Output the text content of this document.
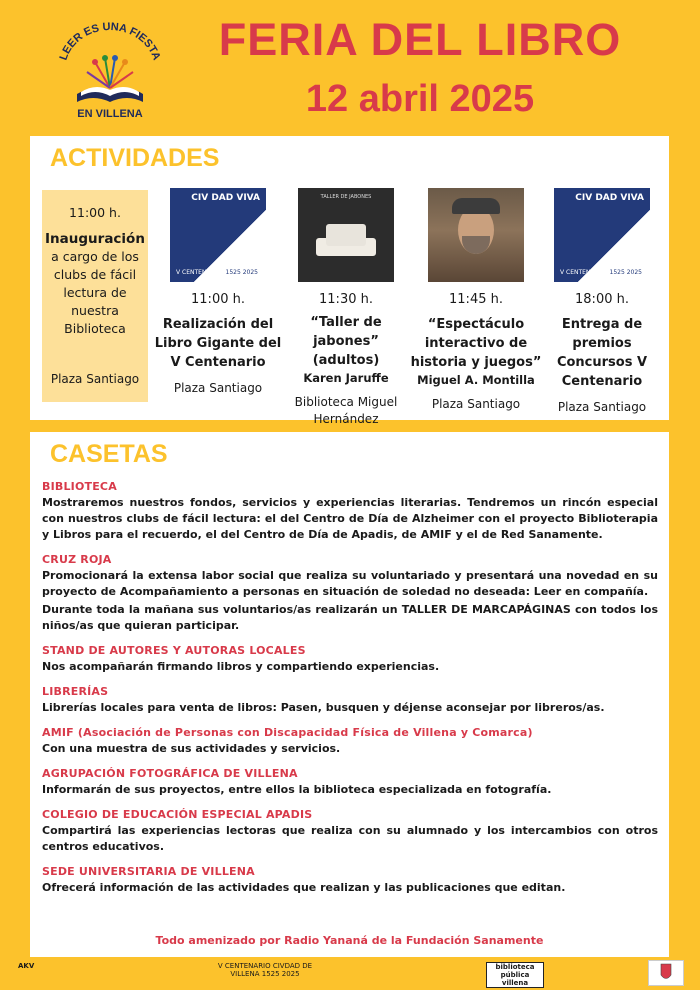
LEER ES UNA FIESTA
EN VILLENA
FERIA DEL LIBRO
12 abril 2025
ACTIVIDADES
11:00 h.
Inauguración
a cargo de los clubs de fácil lectura de nuestra Biblioteca
Plaza Santiago
CIV DAD VIVA
V CENTENARIO 1525 2025
11:00 h.
Realización del Libro Gigante del V Centenario
Plaza Santiago
TALLER DE JABONES
11:30 h.
“Taller de jabones” (adultos)
Karen Jaruffe
Biblioteca Miguel Hernández
11:45 h.
“Espectáculo interactivo de historia y juegos”
Miguel A. Montilla
Plaza Santiago
CIV DAD VIVA
V CENTENARIO 1525 2025
18:00 h.
Entrega de premios Concursos V Centenario
Plaza Santiago
CASETAS
BIBLIOTECA
Mostraremos nuestros fondos, servicios y experiencias literarias. Tendremos un rincón especial con nuestros clubs de fácil lectura: el del Centro de Día de Alzheimer con el proyecto Biblioterapia y Libros para el recuerdo, el del Centro de Día de Apadis, de AMIF y el de Red Sanamente.
CRUZ ROJA
Promocionará la extensa labor social que realiza su voluntariado y presentará una novedad en su proyecto de Acompañamiento a personas en situación de soledad no deseada: Leer en compañía.
Durante toda la mañana sus voluntarios/as realizarán un TALLER DE MARCAPÁGINAS con todos los niños/as que quieran participar.
STAND DE AUTORES Y AUTORAS LOCALES
Nos acompañarán firmando libros y compartiendo experiencias.
LIBRERÍAS
Librerías locales para venta de libros: Pasen, busquen y déjense aconsejar por libreros/as.
AMIF (Asociación de Personas con Discapacidad Física de Villena y Comarca)
Con una muestra de sus actividades y servicios.
AGRUPACIÓN FOTOGRÁFICA DE VILLENA
Informarán de sus proyectos, entre ellos la biblioteca especializada en fotografía.
COLEGIO DE EDUCACIÓN ESPECIAL APADIS
Compartirá las experiencias lectoras que realiza con su alumnado y los intercambios con otros centros educativos.
SEDE UNIVERSITARIA DE VILLENA
Ofrecerá información de las actividades que realizan y las publicaciones que editan.
Todo amenizado por Radio Yananá de la Fundación Sanamente
AKV	V CENTENARIO CIVDAD DE VILLENA 1525 2025
biblioteca pública villena
